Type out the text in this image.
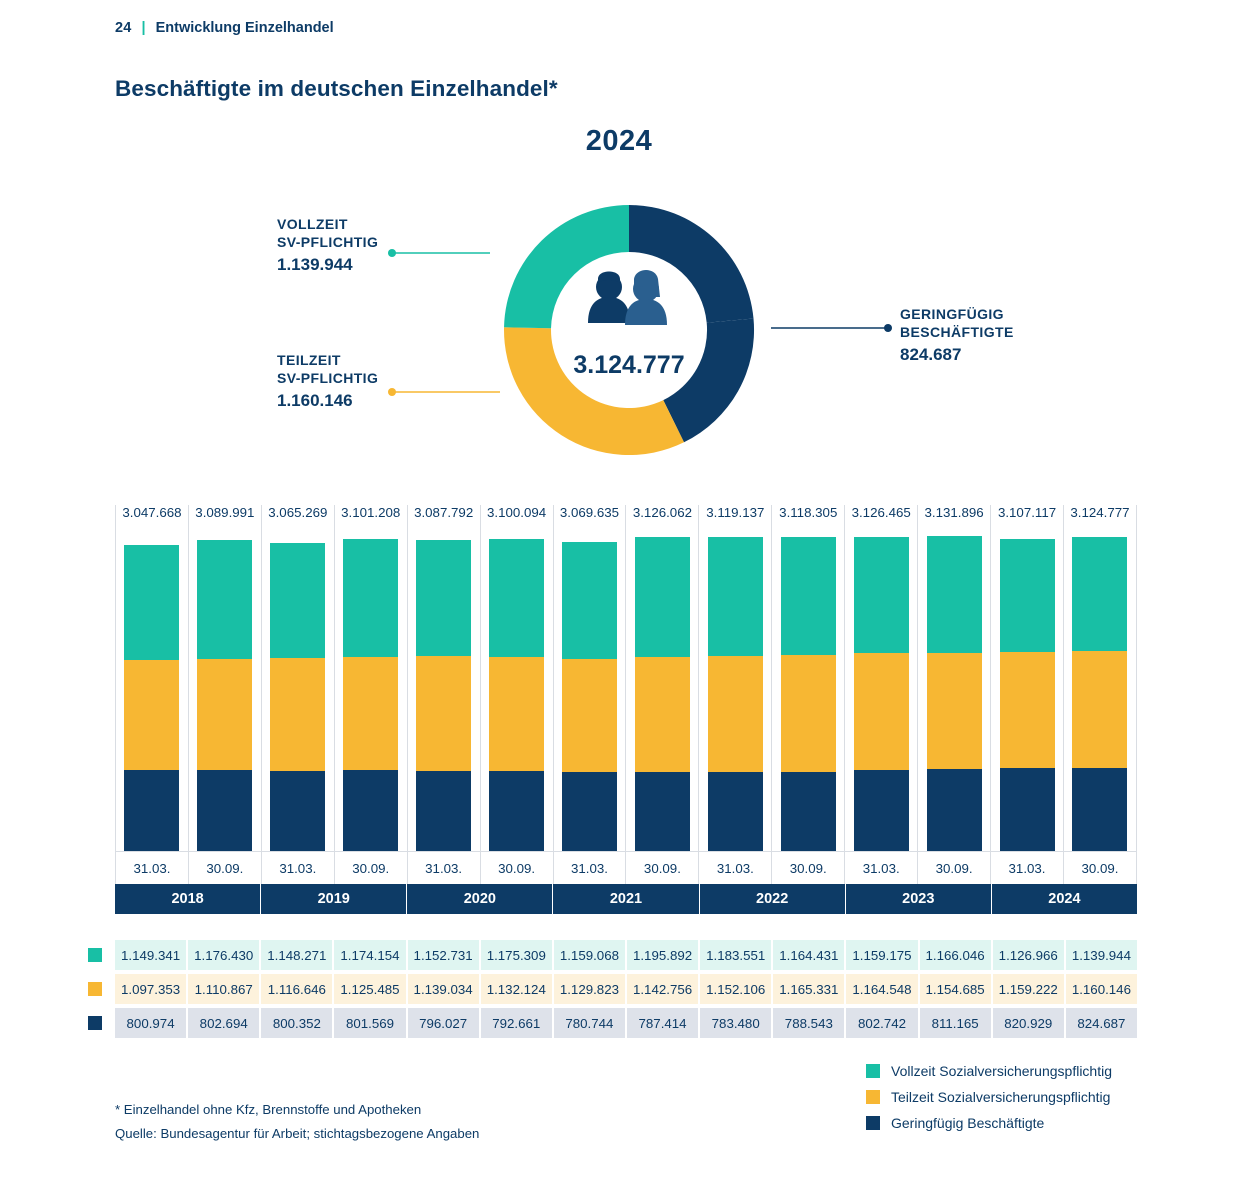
24 | Entwicklung Einzelhandel
Beschäftigte im deutschen Einzelhandel*
2024
3.124.777
VOLLZEIT
SV-PFLICHTIG
1.139.944
TEILZEIT
SV-PFLICHTIG
1.160.146
GERINGFÜGIG
BESCHÄFTIGTE
824.687
3.047.668	3.089.991	3.065.269	3.101.208	3.087.792	3.100.094	3.069.635	3.126.062	3.119.137	3.118.305	3.126.465	3.131.896	3.107.117	3.124.777
31.03.	30.09.	31.03.	30.09.	31.03.	30.09.	31.03.	30.09.	31.03.	30.09.	31.03.	30.09.	31.03.	30.09.
2018	2019	2020	2021	2022	2023	2024
1.149.341	1.176.430	1.148.271	1.174.154	1.152.731	1.175.309	1.159.068	1.195.892	1.183.551	1.164.431	1.159.175	1.166.046	1.126.966	1.139.944
1.097.353	1.110.867	1.116.646	1.125.485	1.139.034	1.132.124	1.129.823	1.142.756	1.152.106	1.165.331	1.164.548	1.154.685	1.159.222	1.160.146
800.974	802.694	800.352	801.569	796.027	792.661	780.744	787.414	783.480	788.543	802.742	811.165	820.929	824.687
Vollzeit Sozialversicherungspflichtig
Teilzeit Sozialversicherungspflichtig
Geringfügig Beschäftigte
* Einzelhandel ohne Kfz, Brennstoffe und Apotheken
Quelle: Bundesagentur für Arbeit; stichtagsbezogene Angaben
